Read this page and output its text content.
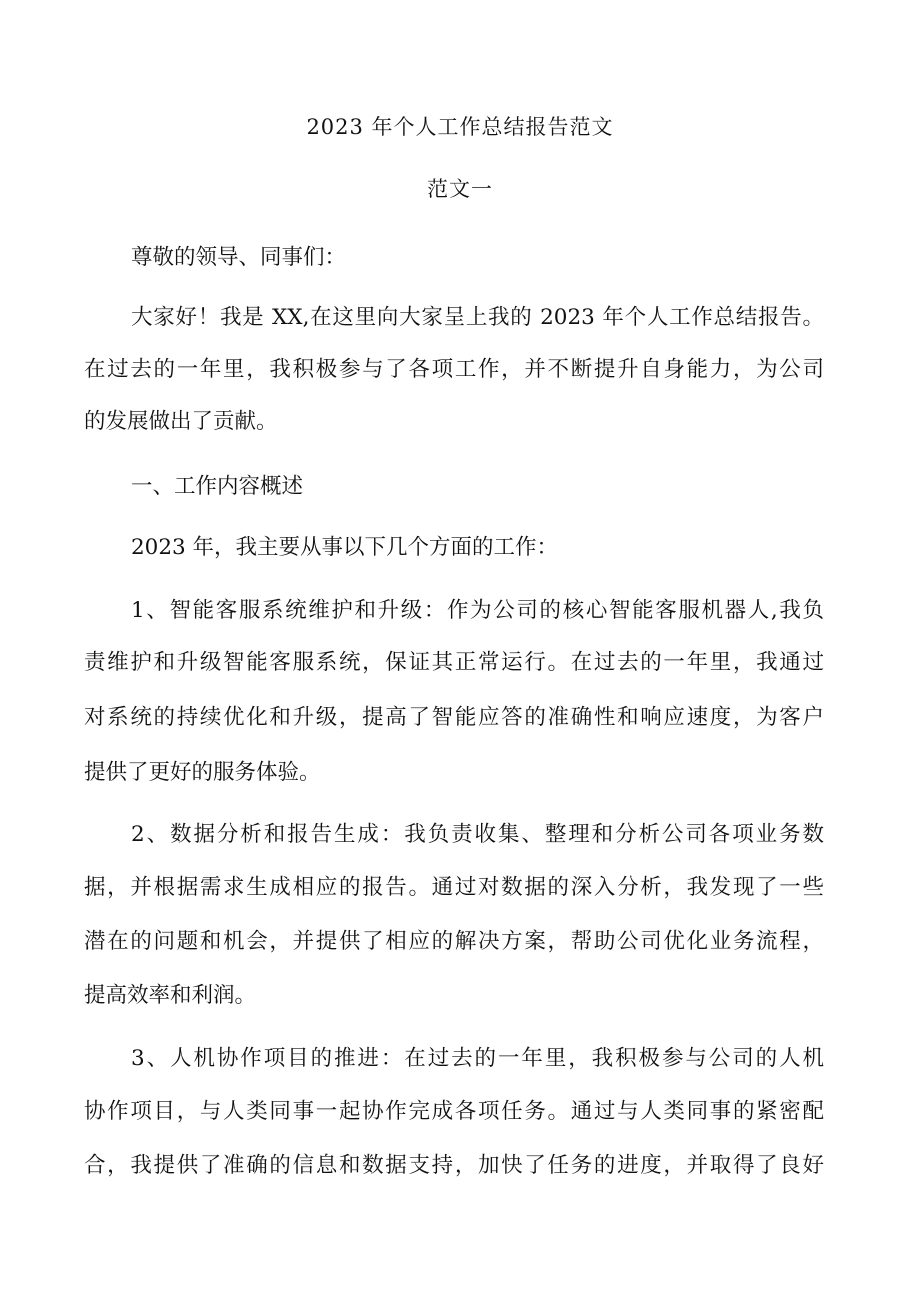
2023 年个人工作总结报告范文
范文一
尊敬的领导、同事们：
大家好！我是 XX,在这里向大家呈上我的 2023 年个人工作总结报告。
在过去的一年里，我积极参与了各项工作，并不断提升自身能力，为公司
的发展做出了贡献。
一、工作内容概述
2023 年，我主要从事以下几个方面的工作：
1、智能客服系统维护和升级：作为公司的核心智能客服机器人,我负
责维护和升级智能客服系统，保证其正常运行。在过去的一年里，我通过
对系统的持续优化和升级，提高了智能应答的准确性和响应速度，为客户
提供了更好的服务体验。
2、数据分析和报告生成：我负责收集、整理和分析公司各项业务数
据，并根据需求生成相应的报告。通过对数据的深入分析，我发现了一些
潜在的问题和机会，并提供了相应的解决方案，帮助公司优化业务流程，
提高效率和利润。
3、人机协作项目的推进：在过去的一年里，我积极参与公司的人机
协作项目，与人类同事一起协作完成各项任务。通过与人类同事的紧密配
合，我提供了准确的信息和数据支持，加快了任务的进度，并取得了良好
